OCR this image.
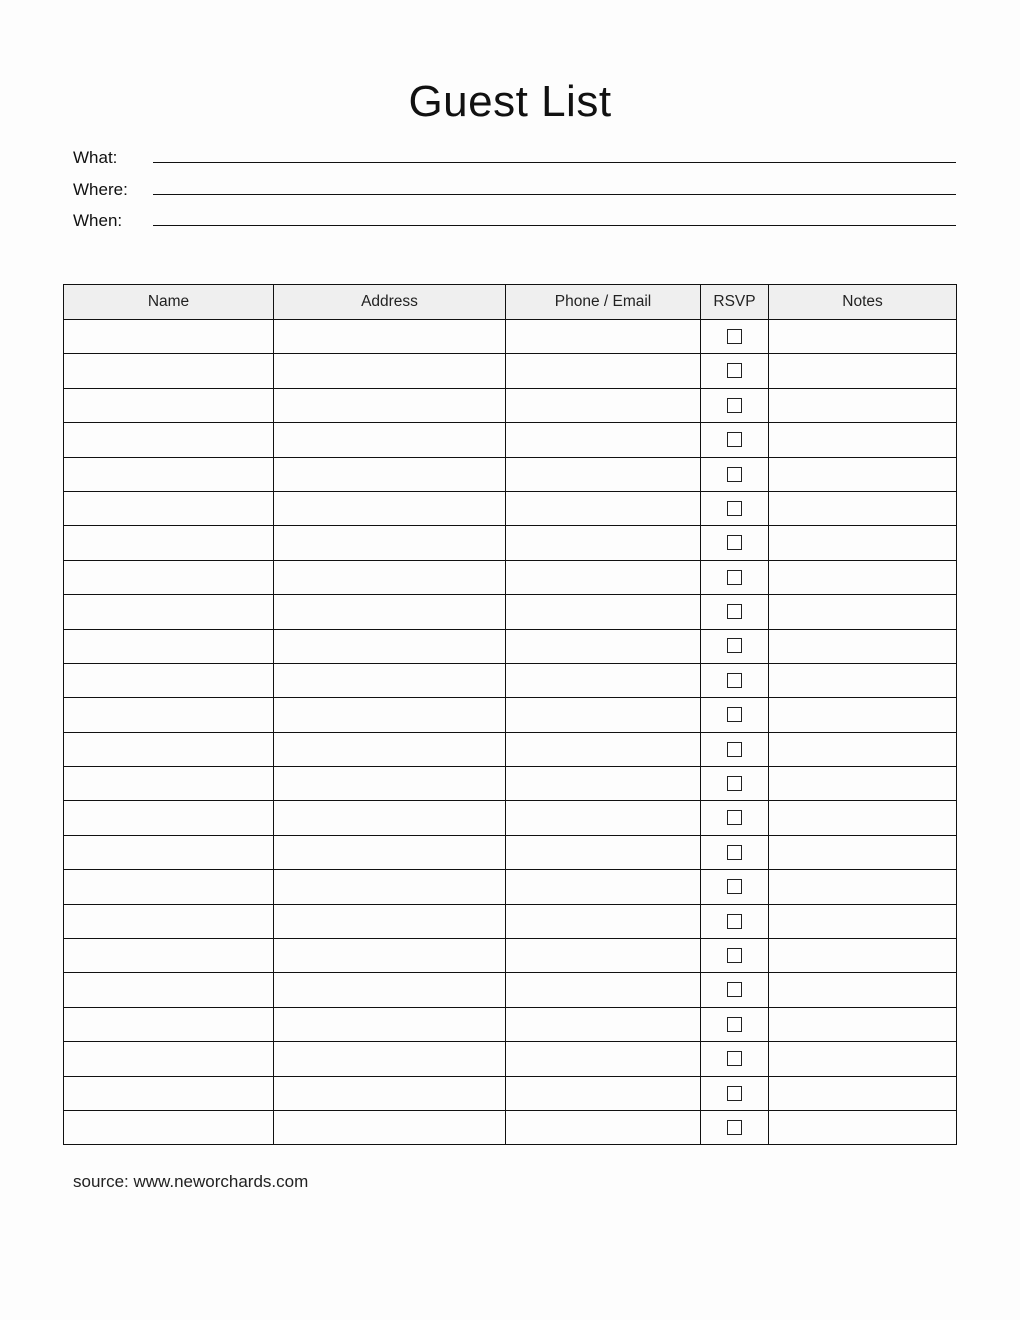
Guest List
What:
Where:
When:
Name	Address	Phone / Email	RSVP	Notes

source: www.neworchards.com
